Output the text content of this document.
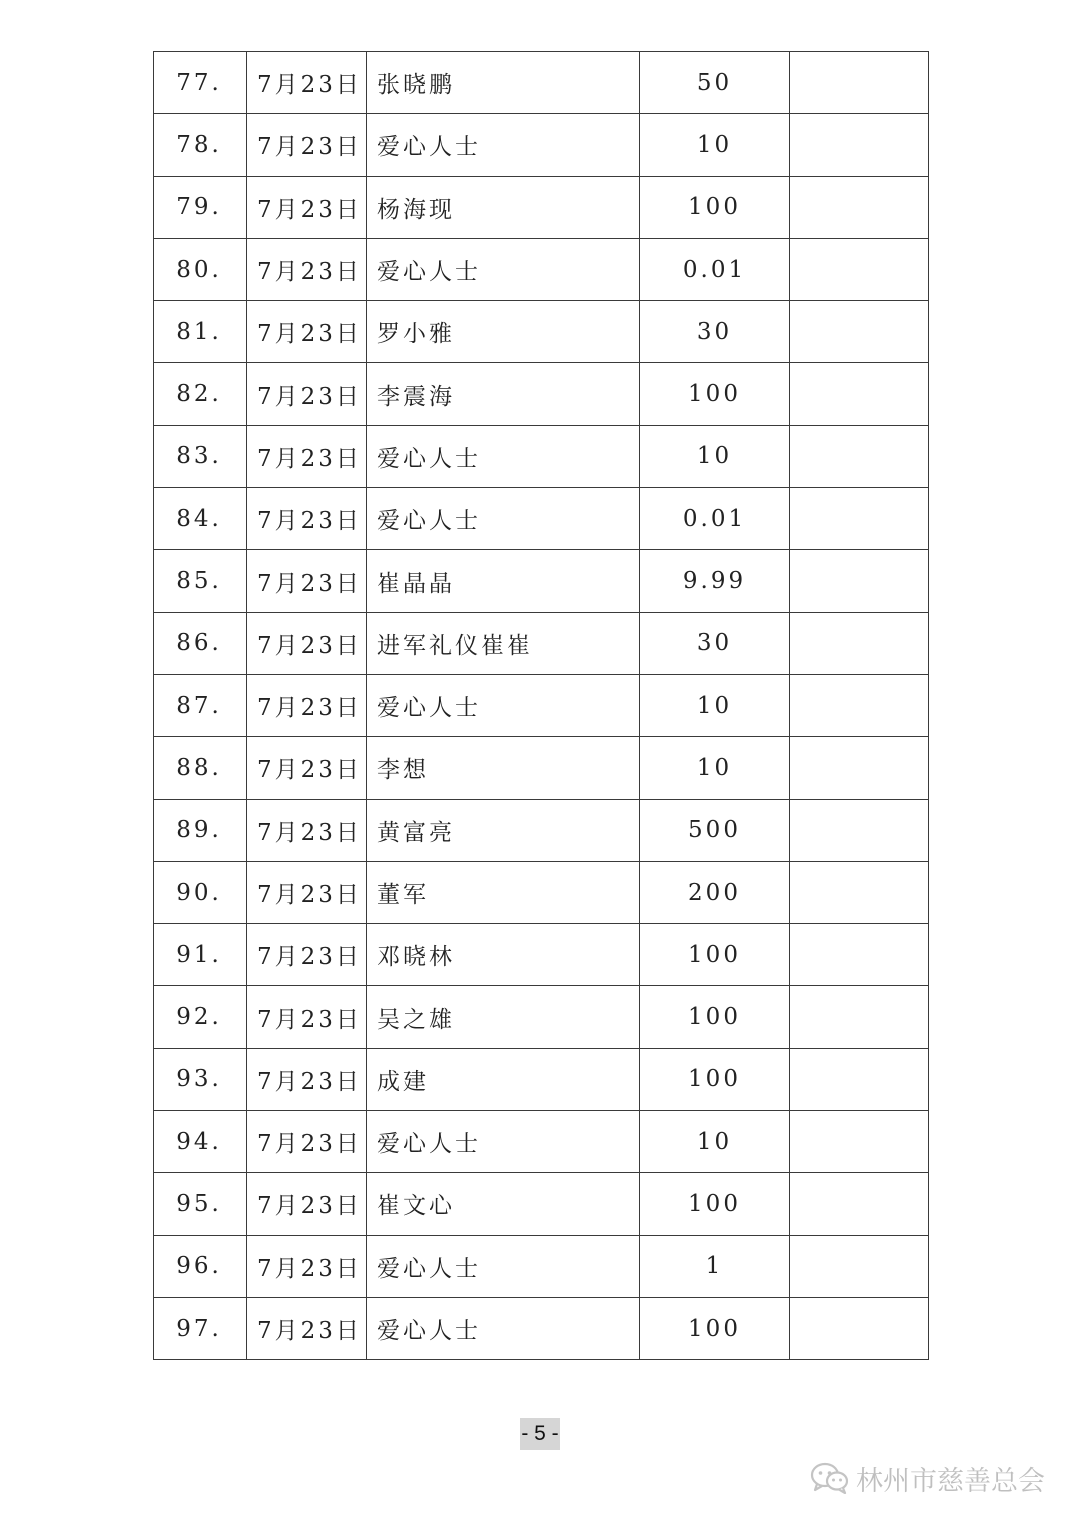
77.	7月23日	张晓鹏	50	
78.	7月23日	爱心人士	10	
79.	7月23日	杨海现	100	
80.	7月23日	爱心人士	0.01	
81.	7月23日	罗小雅	30	
82.	7月23日	李震海	100	
83.	7月23日	爱心人士	10	
84.	7月23日	爱心人士	0.01	
85.	7月23日	崔晶晶	9.99	
86.	7月23日	进军礼仪崔崔	30	
87.	7月23日	爱心人士	10	
88.	7月23日	李想	10	
89.	7月23日	黄富亮	500	
90.	7月23日	董军	200	
91.	7月23日	邓晓林	100	
92.	7月23日	吴之雄	100	
93.	7月23日	成建	100	
94.	7月23日	爱心人士	10	
95.	7月23日	崔文心	100	
96.	7月23日	爱心人士	1	
97.	7月23日	爱心人士	100	
- 5 -
林州市慈善总会
